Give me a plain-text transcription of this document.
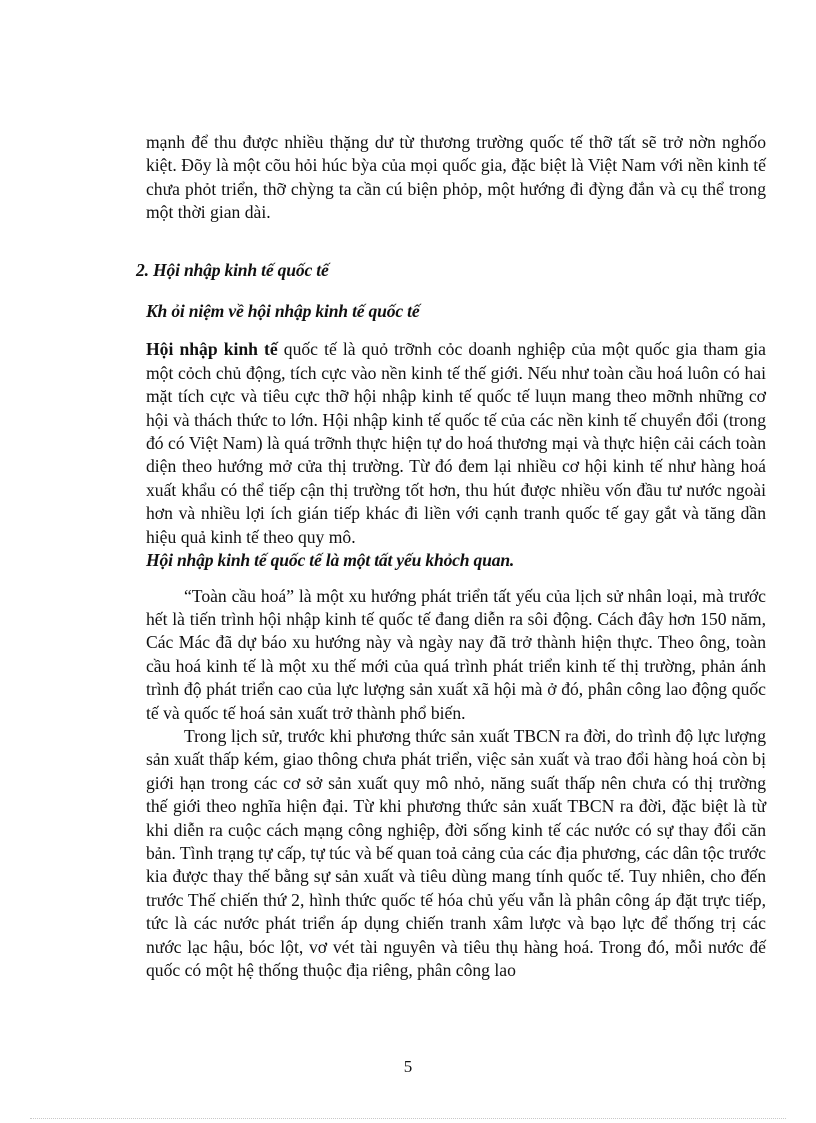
mạnh để thu được nhiều thặng dư từ thương trường quốc tế thỡ tất sẽ trở nờn nghốo kiệt. Đõy là một cõu hỏi húc bỳa của mọi quốc gia, đặc biệt là Việt Nam với nền kinh tế chưa phỏt triển, thỡ chỳng ta cần cú biện phỏp, một hướng đi đỳng đắn và cụ thể trong một thời gian dài.

2. Hội nhập kinh tế quốc tế

Kh ỏi niệm về hội nhập kinh tế quốc tế

Hội nhập kinh tế quốc tế là quỏ trỡnh cỏc doanh nghiệp của một quốc gia tham gia một cỏch chủ động, tích cực vào nền kinh tế thế giới. Nếu như toàn cầu hoá luôn có hai mặt tích cực và tiêu cực thỡ hội nhập kinh tế quốc tế luụn mang theo mỡnh những cơ hội và thách thức to lớn. Hội nhập kinh tế quốc tế của các nền kinh tế chuyển đổi (trong đó có Việt Nam) là quá trỡnh thực hiện tự do hoá thương mại và thực hiện cải cách toàn diện theo hướng mở cửa thị trường. Từ đó đem lại nhiều cơ hội kinh tế như hàng hoá xuất khẩu có thể tiếp cận thị trường tốt hơn, thu hút được nhiều vốn đầu tư nước ngoài hơn và nhiều lợi ích gián tiếp khác đi liền với cạnh tranh quốc tế gay gắt và tăng dần hiệu quả kinh tế theo quy mô.

Hội nhập kinh tế quốc tế là một tất yếu khỏch quan.

“Toàn cầu hoá” là một xu hướng phát triển tất yếu của lịch sử nhân loại, mà trước hết là tiến trình hội nhập kinh tế quốc tế đang diễn ra sôi động. Cách đây hơn 150 năm, Các Mác đã dự báo xu hướng này và ngày nay đã trở thành hiện thực. Theo ông, toàn cầu hoá kinh tế là một xu thế mới của quá trình phát triển kinh tế thị trường, phản ánh trình độ phát triển cao của lực lượng sản xuất xã hội mà ở đó, phân công lao động quốc tế và quốc tế hoá sản xuất trở thành phổ biến.

Trong lịch sử, trước khi phương thức sản xuất TBCN ra đời, do trình độ lực lượng sản xuất thấp kém, giao thông chưa phát triển, việc sản xuất và trao đổi hàng hoá còn bị giới hạn trong các cơ sở sản xuất quy mô nhỏ, năng suất thấp nên chưa có thị trường thế giới theo nghĩa hiện đại. Từ khi phương thức sản xuất TBCN ra đời, đặc biệt là từ khi diễn ra cuộc cách mạng công nghiệp, đời sống kinh tế các nước có sự thay đổi căn bản. Tình trạng tự cấp, tự túc và bế quan toả cảng của các địa phương, các dân tộc trước kia được thay thế bằng sự sản xuất và tiêu dùng mang tính quốc tế. Tuy nhiên, cho đến trước Thế chiến thứ 2, hình thức quốc tế hóa chủ yếu vẫn là phân công áp đặt trực tiếp, tức là các nước phát triển áp dụng chiến tranh xâm lược và bạo lực để thống trị các nước lạc hậu, bóc lột, vơ vét tài nguyên và tiêu thụ hàng hoá. Trong đó, mỗi nước đế quốc có một hệ thống thuộc địa riêng, phân công lao

5
